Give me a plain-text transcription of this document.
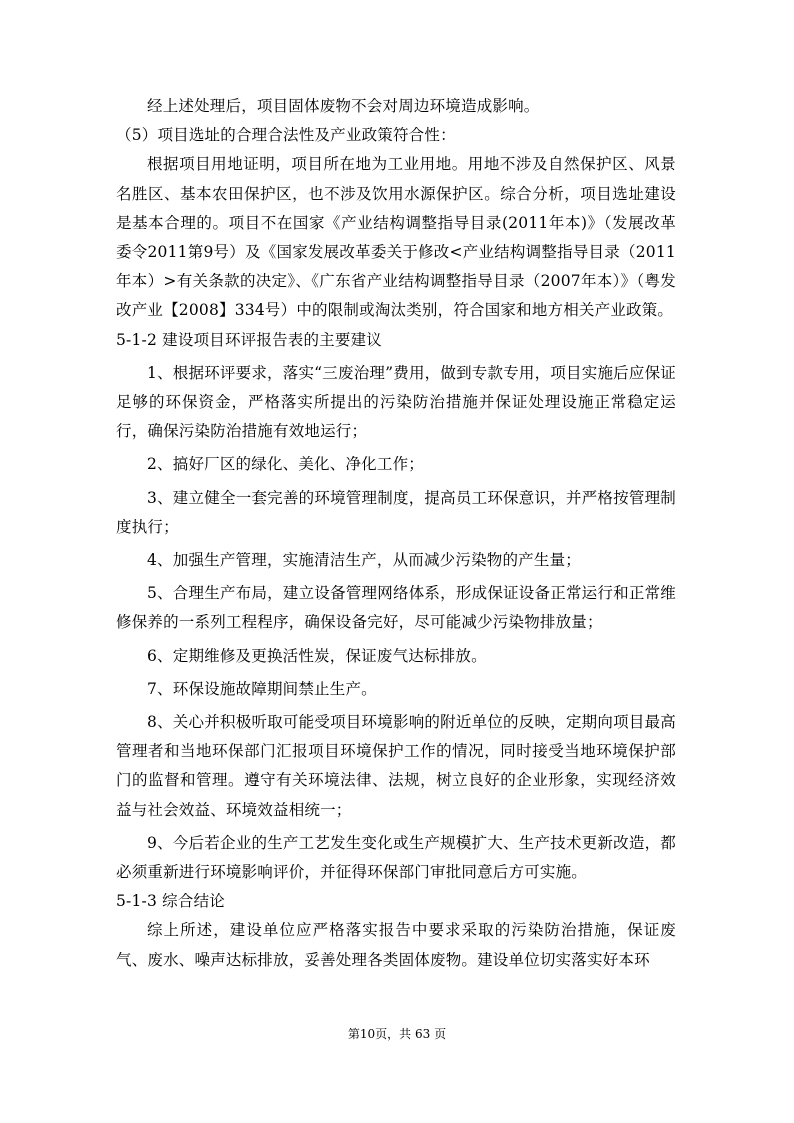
经上述处理后，项目固体废物不会对周边环境造成影响。

（5）项目选址的合理合法性及产业政策符合性：

根据项目用地证明，项目所在地为工业用地。用地不涉及自然保护区、风景名胜区、基本农田保护区，也不涉及饮用水源保护区。综合分析，项目选址建设是基本合理的。项目不在国家《产业结构调整指导目录(2011年本)》（发展改革委令2011第9号）及《国家发展改革委关于修改<产业结构调整指导目录（2011年本）>有关条款的决定》、《广东省产业结构调整指导目录（2007年本）》（粤发改产业【2008】334号）中的限制或淘汰类别，符合国家和地方相关产业政策。

5-1-2 建设项目环评报告表的主要建议

1、根据环评要求，落实“三废治理”费用，做到专款专用，项目实施后应保证足够的环保资金，严格落实所提出的污染防治措施并保证处理设施正常稳定运行，确保污染防治措施有效地运行；

2、搞好厂区的绿化、美化、净化工作；

3、建立健全一套完善的环境管理制度，提高员工环保意识，并严格按管理制度执行；

4、加强生产管理，实施清洁生产，从而减少污染物的产生量；

5、合理生产布局，建立设备管理网络体系，形成保证设备正常运行和正常维修保养的一系列工程程序，确保设备完好，尽可能减少污染物排放量；

6、定期维修及更换活性炭，保证废气达标排放。

7、环保设施故障期间禁止生产。

8、关心并积极听取可能受项目环境影响的附近单位的反映，定期向项目最高管理者和当地环保部门汇报项目环境保护工作的情况，同时接受当地环境保护部门的监督和管理。遵守有关环境法律、法规，树立良好的企业形象，实现经济效益与社会效益、环境效益相统一；

9、今后若企业的生产工艺发生变化或生产规模扩大、生产技术更新改造，都必须重新进行环境影响评价，并征得环保部门审批同意后方可实施。

5-1-3 综合结论

综上所述，建设单位应严格落实报告中要求采取的污染防治措施，保证废气、废水、噪声达标排放，妥善处理各类固体废物。建设单位切实落实好本环

第10页，共 63 页
